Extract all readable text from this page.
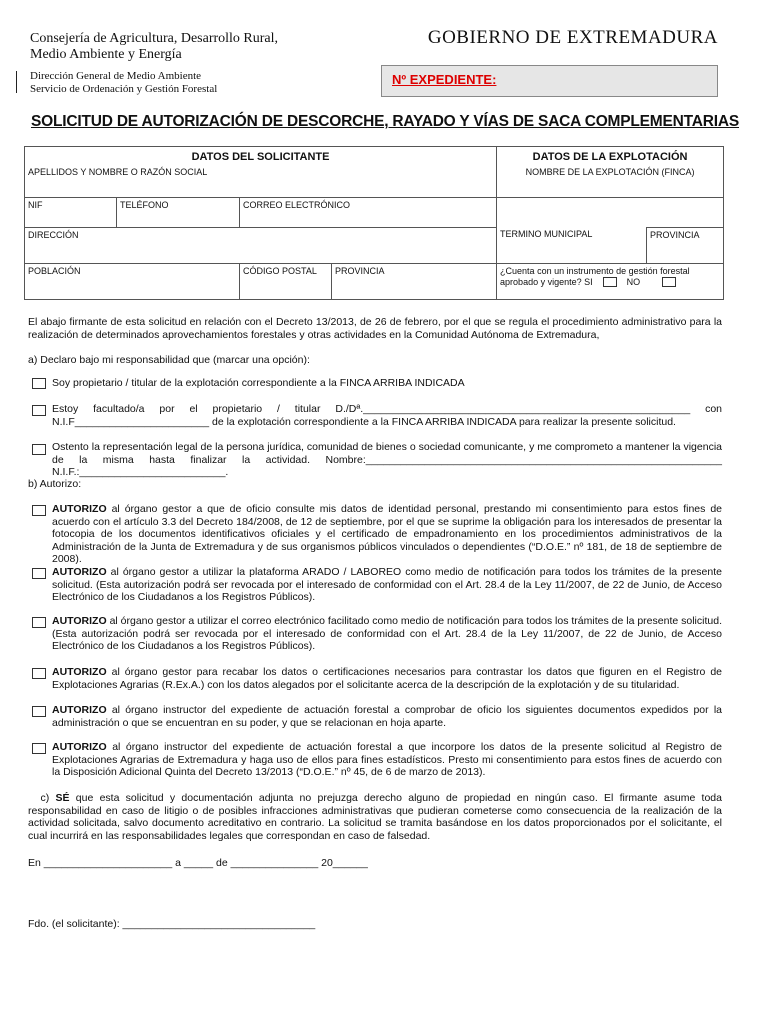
Consejería de Agricultura, Desarrollo Rural,
Medio Ambiente y Energía
Dirección General de Medio Ambiente
Servicio de Ordenación y Gestión Forestal
GOBIERNO DE EXTREMADURA
Nº EXPEDIENTE:
SOLICITUD DE AUTORIZACIÓN DE DESCORCHE, RAYADO Y VÍAS DE SACA COMPLEMENTARIAS
DATOS DEL SOLICITANTE				DATOS DE LA EXPLOTACIÓN	
APELLIDOS Y NOMBRE O RAZÓN SOCIAL				NOMBRE DE LA EXPLOTACIÓN (FINCA)	
NIF	TELÉFONO	CORREO ELECTRÓNICO			
DIRECCIÓN				TERMINO MUNICIPAL	PROVINCIA
POBLACIÓN		CÓDIGO POSTAL	PROVINCIA	¿Cuenta con un instrumento de gestión forestal aprobado y vigente? SI NO	
El abajo firmante de esta solicitud en relación con el Decreto 13/2013, de 26 de febrero, por el que se regula el procedimiento administrativo para la realización de determinados aprovechamientos forestales y otras actividades en la Comunidad Autónoma de Extremadura,
a) Declaro bajo mi responsabilidad que (marcar una opción):
Soy propietario / titular de la explotación correspondiente a la FINCA ARRIBA INDICADA
Estoy facultado/a por el propietario / titular D./Dª.________________________________________________________ con N.I.F_______________________ de la explotación correspondiente a la FINCA ARRIBA INDICADA para realizar la presente solicitud.
Ostento la representación legal de la persona jurídica, comunidad de bienes o sociedad comunicante, y me comprometo a mantener la vigencia de la misma hasta finalizar la actividad. Nombre:_____________________________________________________________ N.I.F.:_________________________.
b) Autorizo:
AUTORIZO al órgano gestor a que de oficio consulte mis datos de identidad personal, prestando mi consentimiento para estos fines de acuerdo con el artículo 3.3 del Decreto 184/2008, de 12 de septiembre, por el que se suprime la obligación para los interesados de presentar la fotocopia de los documentos identificativos oficiales y el certificado de empadronamiento en los procedimientos administrativos de la Administración de la Junta de Extremadura y de sus organismos públicos vinculados o dependientes (“D.O.E.” nº 181, de 18 de septiembre de 2008).
AUTORIZO al órgano gestor a utilizar la plataforma ARADO / LABOREO como medio de notificación para todos los trámites de la presente solicitud. (Esta autorización podrá ser revocada por el interesado de conformidad con el Art. 28.4 de la Ley 11/2007, de 22 de Junio, de Acceso Electrónico de los Ciudadanos a los Registros Públicos).
AUTORIZO al órgano gestor a utilizar el correo electrónico facilitado como medio de notificación para todos los trámites de la presente solicitud. (Esta autorización podrá ser revocada por el interesado de conformidad con el Art. 28.4 de la Ley 11/2007, de 22 de Junio, de Acceso Electrónico de los Ciudadanos a los Registros Públicos).
AUTORIZO al órgano gestor para recabar los datos o certificaciones necesarios para contrastar los datos que figuren en el Registro de Explotaciones Agrarias (R.Ex.A.) con los datos alegados por el solicitante acerca de la descripción de la explotación y de su titularidad.
AUTORIZO al órgano instructor del expediente de actuación forestal a comprobar de oficio los siguientes documentos expedidos por la administración o que se encuentran en su poder, y que se relacionan en hoja aparte.
AUTORIZO al órgano instructor del expediente de actuación forestal a que incorpore los datos de la presente solicitud al Registro de Explotaciones Agrarias de Extremadura y haga uso de ellos para fines estadísticos. Presto mi consentimiento para estos fines de acuerdo con la Disposición Adicional Quinta del Decreto 13/2013 (“D.O.E.” nº 45, de 6 de marzo de 2013).
c) SÉ que esta solicitud y documentación adjunta no prejuzga derecho alguno de propiedad en ningún caso. El firmante asume toda responsabilidad en caso de litigio o de posibles infracciones administrativas que pudieran cometerse como consecuencia de la realización de la actividad solicitada, salvo documento acreditativo en contrario. La solicitud se tramita basándose en los datos proporcionados por el solicitante, el cual incurrirá en las responsabilidades legales que correspondan en caso de falsedad.
En ______________________ a _____ de _______________ 20______
Fdo. (el solicitante): _________________________________
